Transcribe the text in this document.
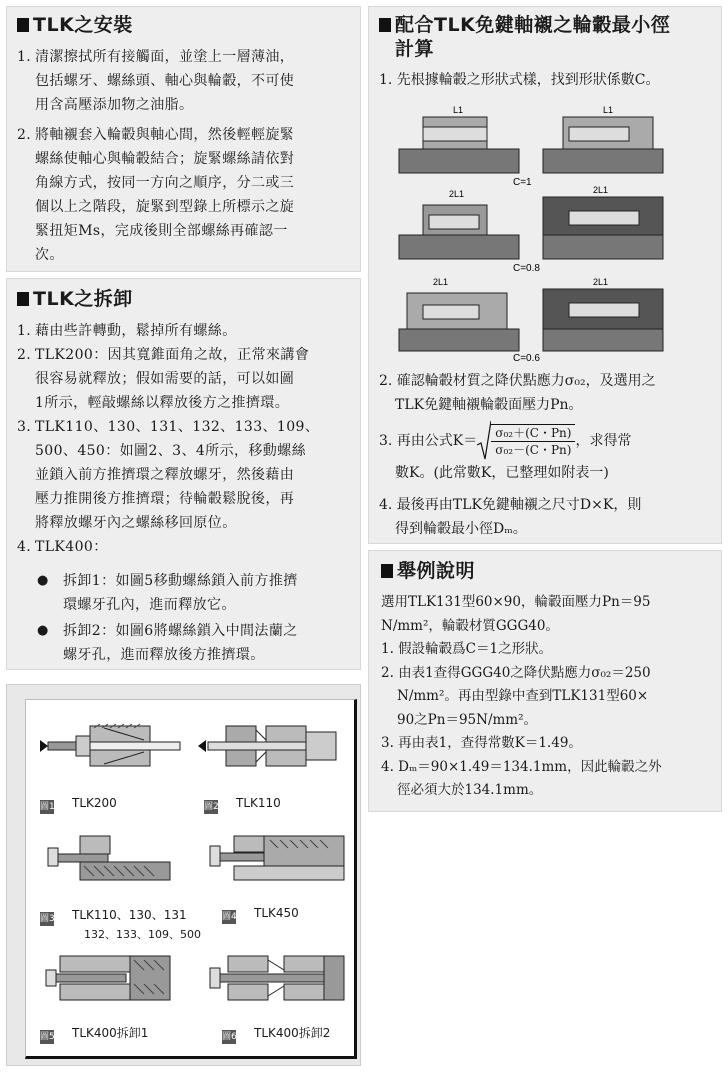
TLK之安裝
1. 清潔擦拭所有接觸面，並塗上一層薄油，
包括螺牙、螺絲頭、軸心與輪轂，不可使
用含高壓添加物之油脂。
2. 將軸襯套入輪轂與軸心間，然後輕輕旋緊
螺絲使軸心與輪轂結合；旋緊螺絲請依對
角線方式，按同一方向之順序，分二或三
個以上之階段，旋緊到型錄上所標示之旋
緊扭矩Ms，完成後則全部螺絲再確認一
次。
TLK之拆卸
1. 藉由些許轉動，鬆掉所有螺絲。
2. TLK200：因其寬錐面角之故，正常來講會
很容易就釋放；假如需要的話，可以如圖
1所示，輕敲螺絲以釋放後方之推擠環。
3. TLK110、130、131、132、133、109、
500、450：如圖2、3、4所示，移動螺絲
並鎖入前方推擠環之釋放螺牙，然後藉由
壓力推開後方推擠環；待輪轂鬆脫後，再
將釋放螺牙內之螺絲移回原位。
4. TLK400：
● 拆卸1：如圖5移動螺絲鎖入前方推擠
環螺牙孔內，進而釋放它。
● 拆卸2：如圖6將螺絲鎖入中間法蘭之
螺牙孔，進而釋放後方推擠環。
圖1 TLK200	圖2 TLK110
圖3 TLK110、130、131
132、133、109、500
圖4 TLK450
圖5 TLK400拆卸1	圖6 TLK400拆卸2
配合TLK免鍵軸襯之輪轂最小徑
計算
1. 先根據輪轂之形狀式樣，找到形狀係數C。
C=1
L1
L1
C=0.8
2L1	2L1
C=0.6
2L1	2L1
2. 確認輪轂材質之降伏點應力σ₀₂，及選用之
TLK免鍵軸襯輪轂面壓力Pn。
3. 再由公式$K= \frac{\text{σ₀₂＋(C・Pn)}}{\text{σ₀₂－(C・Pn)}}$ ，求得常
數K。(此常數K，已整理如附表一)
4. 最後再由TLK免鍵軸襯之尺寸D×K，則
得到輪轂最小徑Dₘ。
舉例說明
選用TLK131型60×90，輪轂面壓力Pn＝95
N/mm²，輪轂材質GGG40。
1. 假設輪轂爲C＝1之形狀。
2. 由表1查得GGG40之降伏點應力σ₀₂＝250
N/mm²。再由型錄中查到TLK131型60×
90之Pn＝95N/mm²。
3. 再由表1，查得常數K＝1.49。
4. Dₘ＝90×1.49＝134.1mm，因此輪轂之外
徑必須大於134.1mm。
